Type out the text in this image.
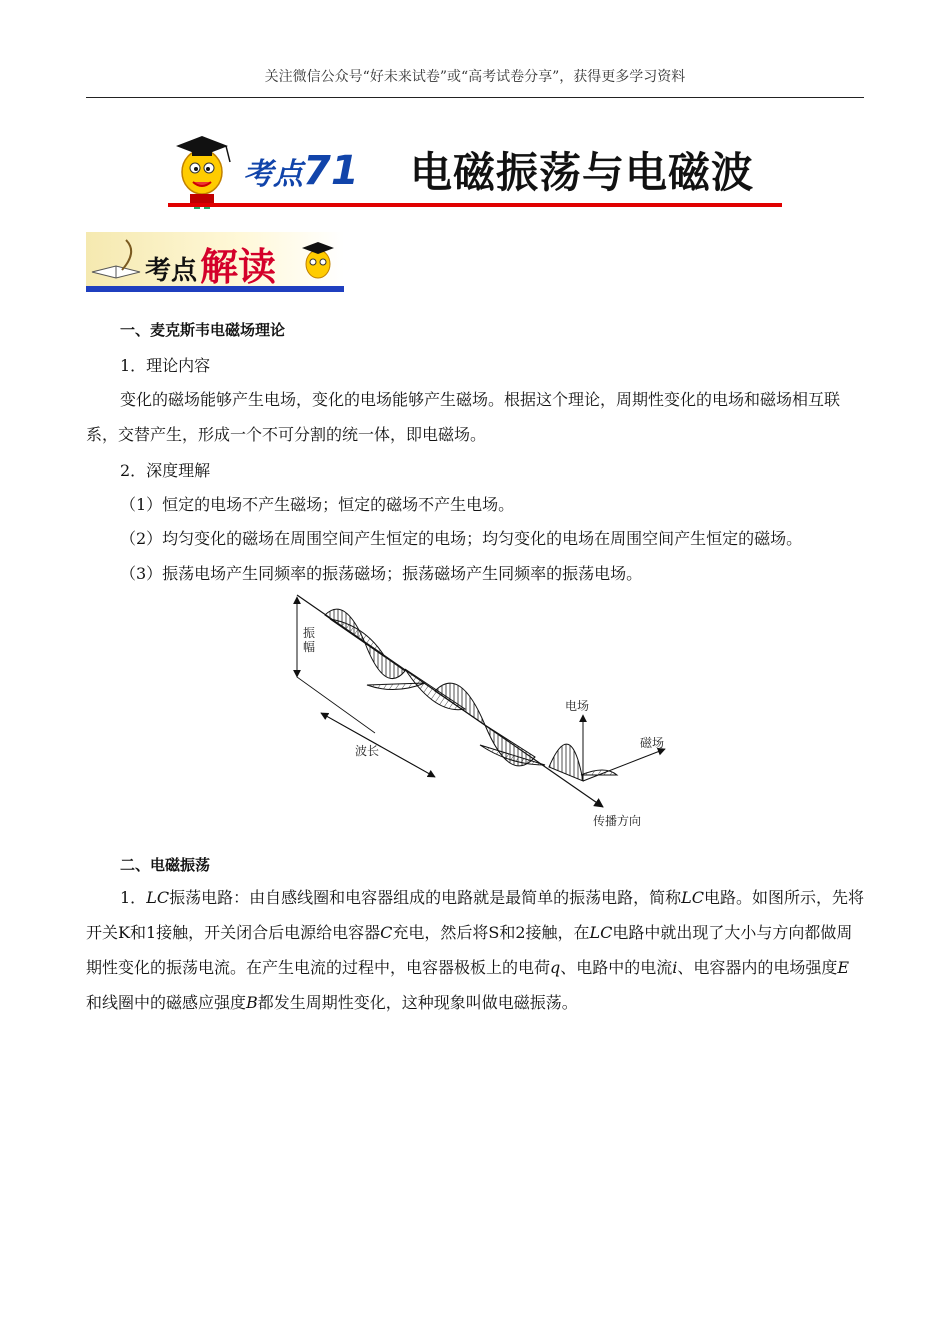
关注微信公众号“好未来试卷”或“高考试卷分享”，获得更多学习资料
考点71 电磁振荡与电磁波
考点 解读
一、麦克斯韦电磁场理论
1．理论内容
变化的磁场能够产生电场，变化的电场能够产生磁场。根据这个理论，周期性变化的电场和磁场相互联系，交替产生，形成一个不可分割的统一体，即电磁场。
2．深度理解
（1）恒定的电场不产生磁场；恒定的磁场不产生电场。
（2）均匀变化的磁场在周围空间产生恒定的电场；均匀变化的电场在周围空间产生恒定的磁场。
（3）振荡电场产生同频率的振荡磁场；振荡磁场产生同频率的振荡电场。
振
幅
波长
电场
磁场
传播方向
二、电磁振荡
1．LC振荡电路：由自感线圈和电容器组成的电路就是最简单的振荡电路，简称LC电路。如图所示，先将开关K和1接触，开关闭合后电源给电容器C充电，然后将S和2接触，在LC电路中就出现了大小与方向都做周期性变化的振荡电流。在产生电流的过程中，电容器极板上的电荷q、电路中的电流i、电容器内的电场强度E和线圈中的磁感应强度B都发生周期性变化，这种现象叫做电磁振荡。
